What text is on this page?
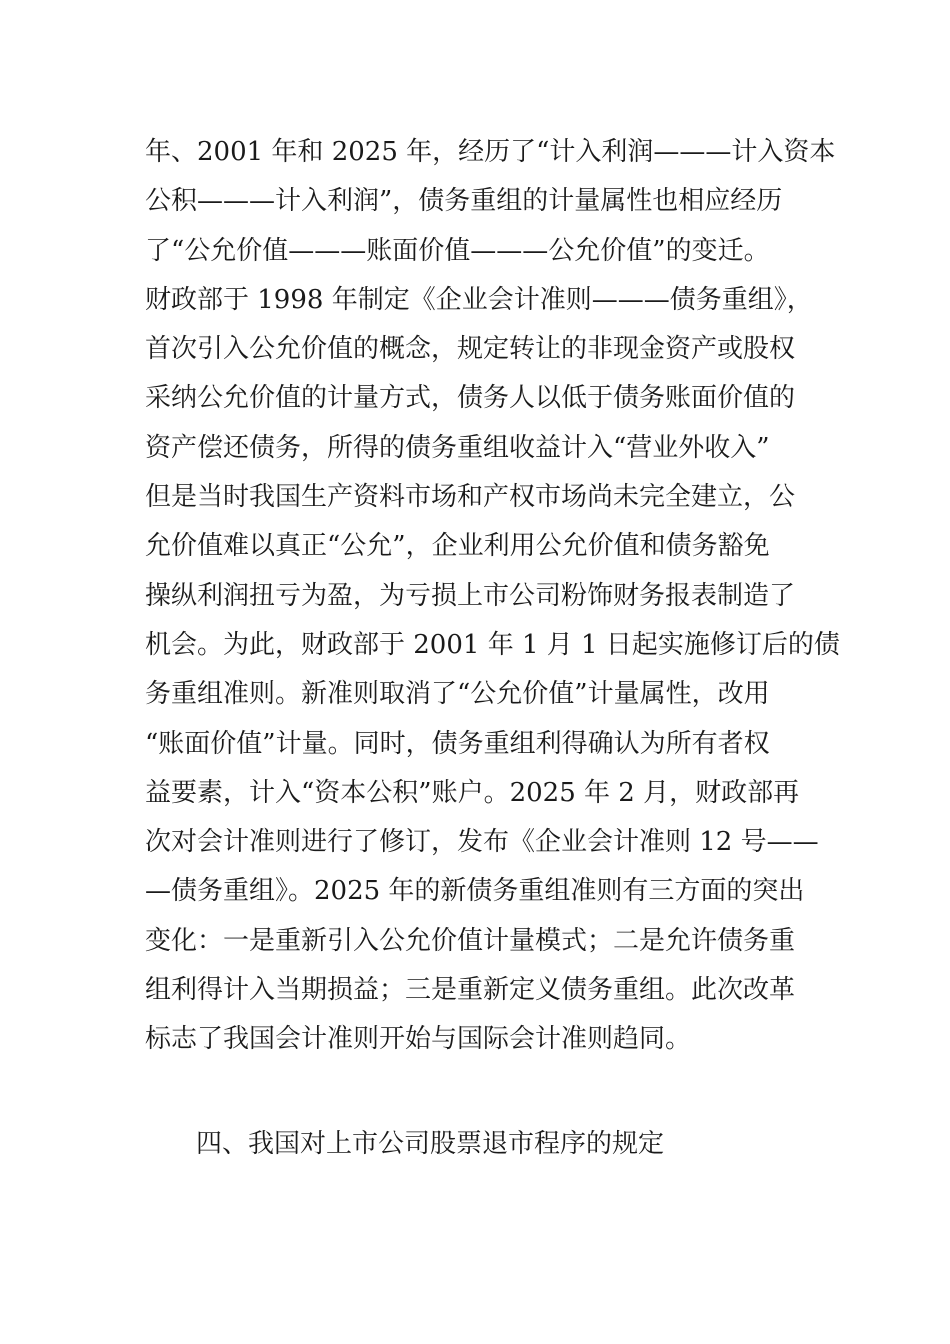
年、2001 年和 2025 年，经历了“计入利润———计入资本
公积———计入利润”，债务重组的计量属性也相应经历
了“公允价值———账面价值———公允价值”的变迁。
财政部于 1998 年制定《企业会计准则———债务重组》，
首次引入公允价值的概念，规定转让的非现金资产或股权
采纳公允价值的计量方式，债务人以低于债务账面价值的
资产偿还债务，所得的债务重组收益计入“营业外收入”
但是当时我国生产资料市场和产权市场尚未完全建立，公
允价值难以真正“公允”，企业利用公允价值和债务豁免
操纵利润扭亏为盈，为亏损上市公司粉饰财务报表制造了
机会。为此，财政部于 2001 年 1 月 1 日起实施修订后的债
务重组准则。新准则取消了“公允价值”计量属性，改用
“账面价值”计量。同时，债务重组利得确认为所有者权
益要素，计入“资本公积”账户。2025 年 2 月，财政部再
次对会计准则进行了修订，发布《企业会计准则 12 号——
—债务重组》。2025 年的新债务重组准则有三方面的突出
变化：一是重新引入公允价值计量模式；二是允许债务重
组利得计入当期损益；三是重新定义债务重组。此次改革
标志了我国会计准则开始与国际会计准则趋同。
四、我国对上市公司股票退市程序的规定
